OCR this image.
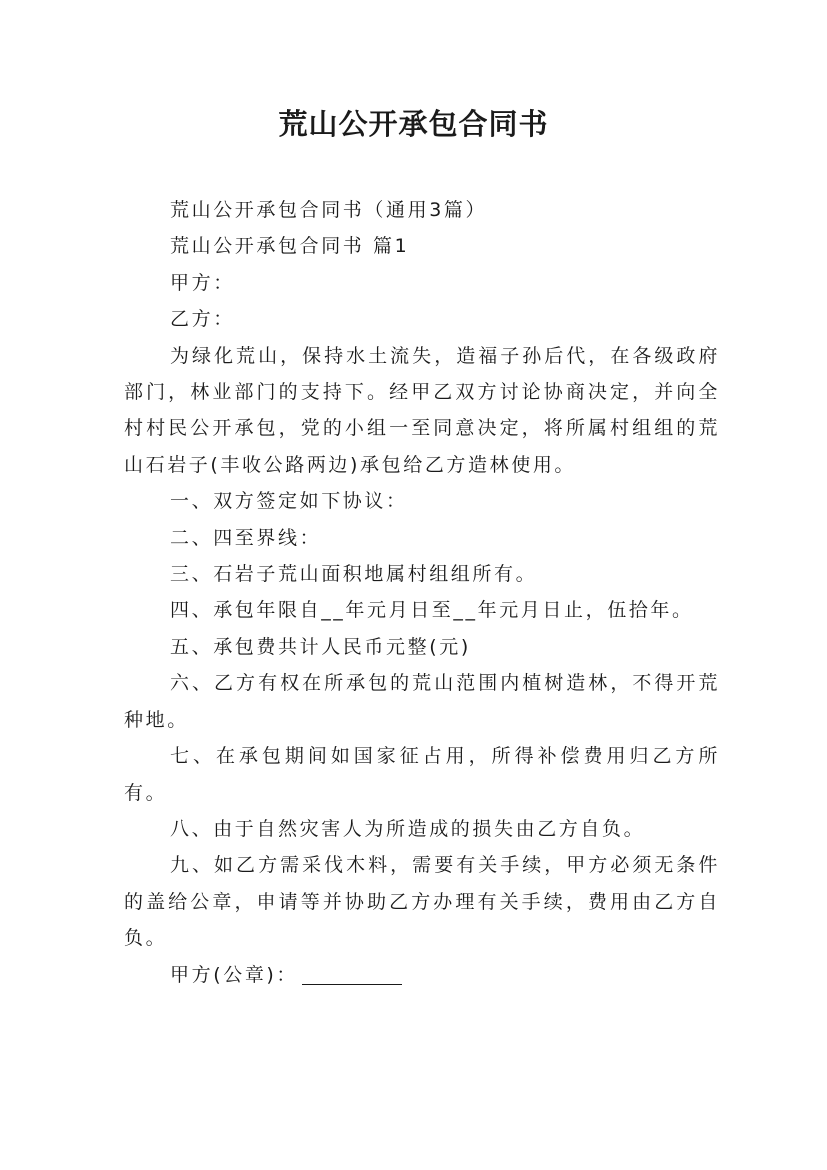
荒山公开承包合同书

荒山公开承包合同书（通用3篇）

荒山公开承包合同书 篇1

甲方：

乙方：

为绿化荒山，保持水土流失，造福子孙后代，在各级政府部门，林业部门的支持下。经甲乙双方讨论协商决定，并向全村村民公开承包，党的小组一至同意决定，将所属村组组的荒山石岩子(丰收公路两边)承包给乙方造林使用。

一、双方签定如下协议：

二、四至界线：

三、石岩子荒山面积地属村组组所有。

四、承包年限自__年元月日至__年元月日止，伍拾年。

五、承包费共计人民币元整(元)

六、乙方有权在所承包的荒山范围内植树造林，不得开荒种地。

七、在承包期间如国家征占用，所得补偿费用归乙方所有。

八、由于自然灾害人为所造成的损失由乙方自负。

九、如乙方需采伐木料，需要有关手续，甲方必须无条件的盖给公章，申请等并协助乙方办理有关手续，费用由乙方自负。

甲方(公章)：
